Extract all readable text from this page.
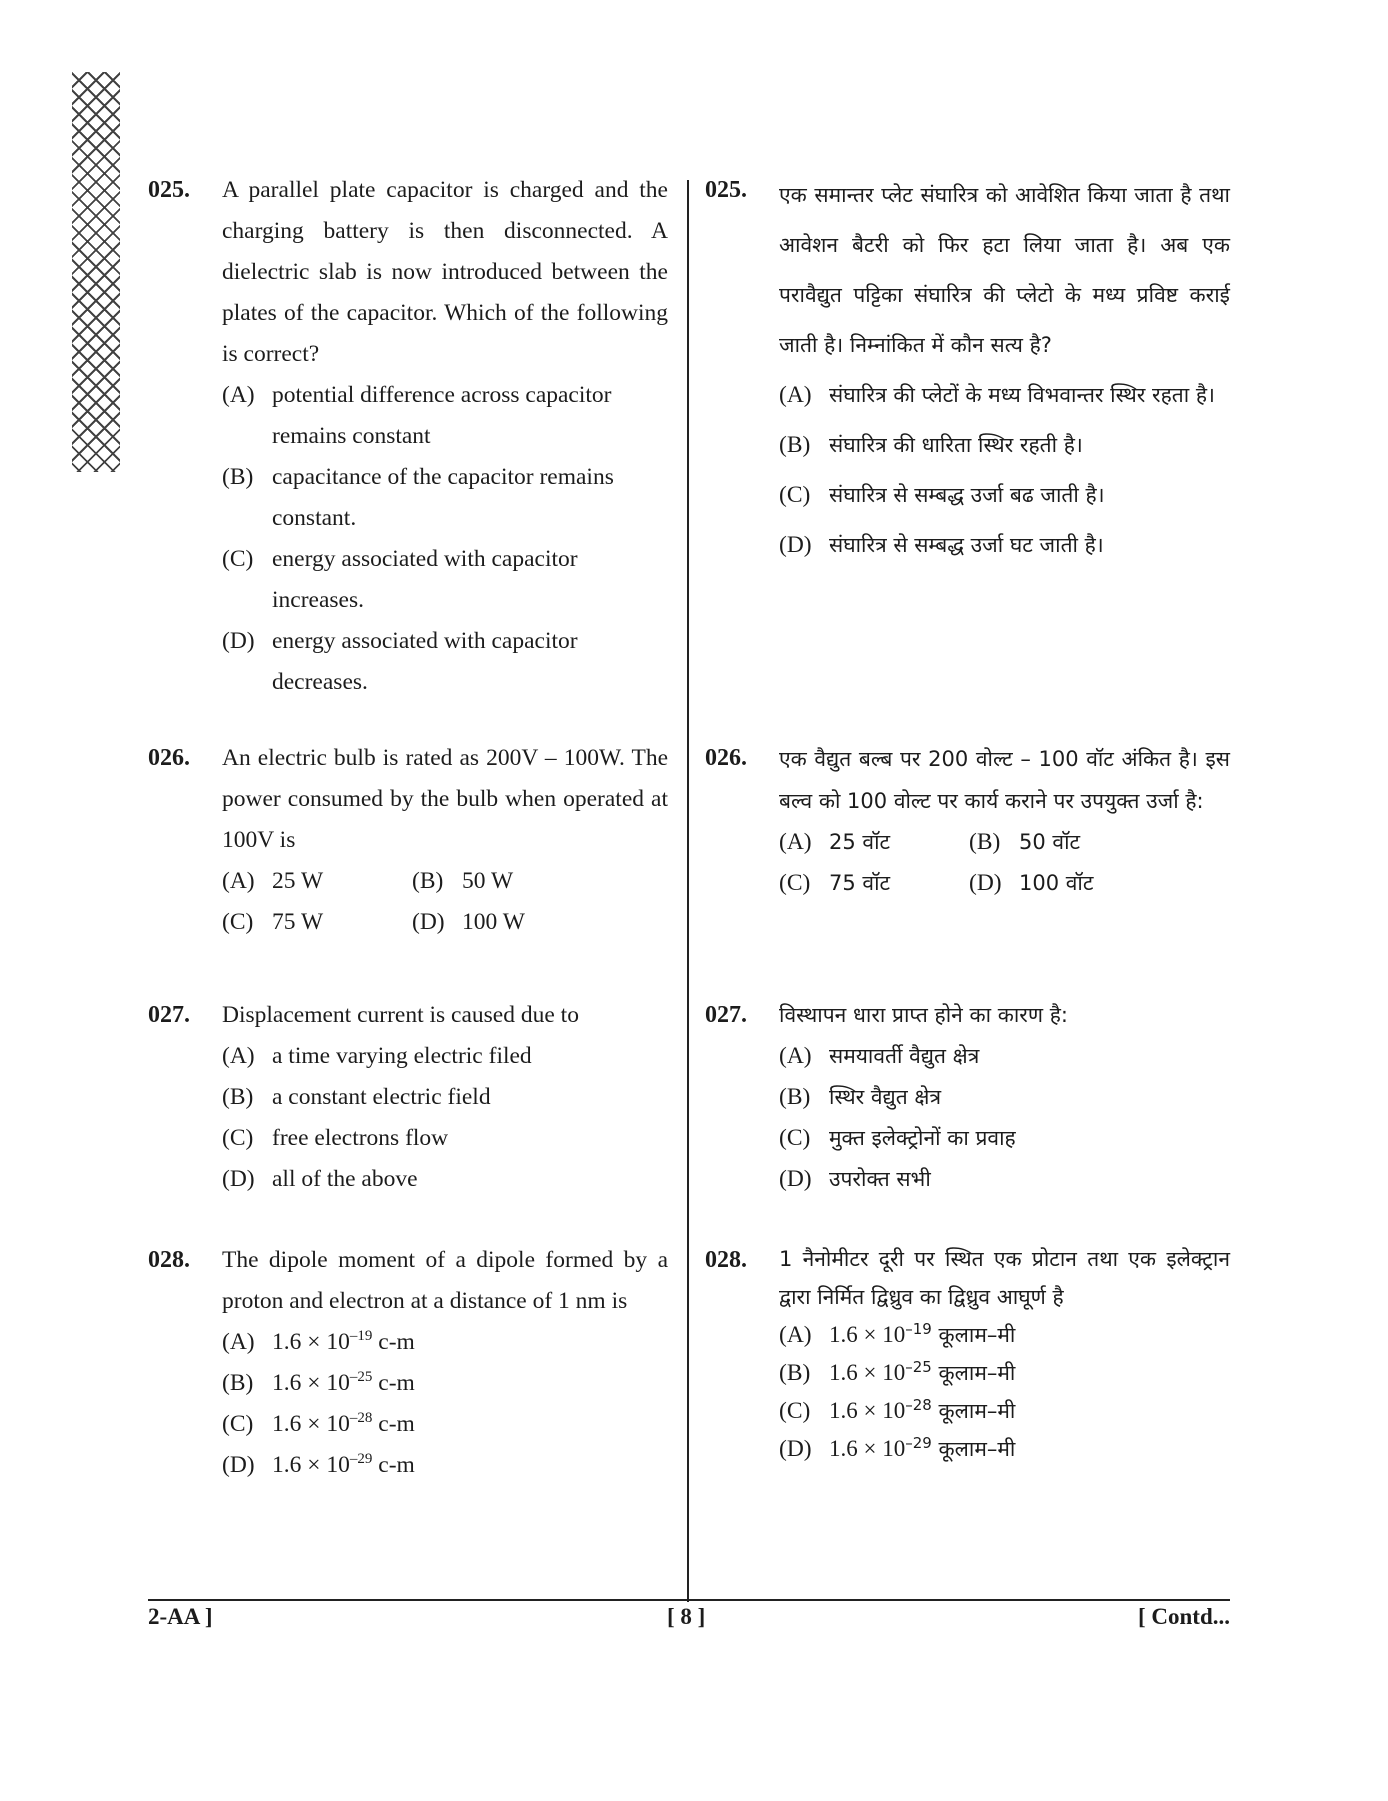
025.	A parallel plate capacitor is charged and the charging battery is then disconnected. A dielectric slab is now introduced between the plates of the capacitor. Which of the following is correct?
(A) potential difference across capacitor remains constant
(B) capacitance of the capacitor remains constant.
(C) energy associated with capacitor increases.
(D) energy associated with capacitor decreases.
026.	An electric bulb is rated as 200V – 100W. The power consumed by the bulb when operated at 100V is
(A) 25 W	(B) 50 W
(C) 75 W	(D) 100 W
027.	Displacement current is caused due to
(A) a time varying electric filed
(B) a constant electric field
(C) free electrons flow
(D) all of the above
028.	The dipole moment of a dipole formed by a proton and electron at a distance of 1 nm is
(A) $1.6 \times 10^{-19}$ c-m
(B) $1.6 \times 10^{-25}$ c-m
(C) $1.6 \times 10^{-28}$ c-m
(D) $1.6 \times 10^{-29}$ c-m
025.	एक समान्तर प्लेट संघारित्र को आवेशित किया जाता है तथा आवेशन बैटरी को फिर हटा लिया जाता है। अब एक परावैद्युत पट्टिका संघारित्र की प्लेटो के मध्य प्रविष्ट कराई जाती है। निम्नांकित में कौन सत्य है?
(A) संघारित्र की प्लेटों के मध्य विभवान्तर स्थिर रहता है।
(B) संघारित्र की धारिता स्थिर रहती है।
(C) संघारित्र से सम्बद्ध उर्जा बढ जाती है।
(D) संघारित्र से सम्बद्ध उर्जा घट जाती है।
026.	एक वैद्युत बल्ब पर 200 वोल्ट – 100 वॉट अंकित है। इस बल्व को 100 वोल्ट पर कार्य कराने पर उपयुक्त उर्जा है:
(A) 25 वॉट	(B) 50 वॉट
(C) 75 वॉट	(D) 100 वॉट
027.	विस्थापन धारा प्राप्त होने का कारण है:
(A) समयावर्ती वैद्युत क्षेत्र
(B) स्थिर वैद्युत क्षेत्र
(C) मुक्त इलेक्ट्रोनों का प्रवाह
(D) उपरोक्त सभी
028.	1 नैनोमीटर दूरी पर स्थित एक प्रोटान तथा एक इलेक्ट्रान द्वारा निर्मित द्विध्रुव का द्विध्रुव आघूर्ण है
(A) $1.6 \times 10^{-19}$ कूलाम–मी
(B) $1.6 \times 10^{-25}$ कूलाम–मी
(C) $1.6 \times 10^{-28}$ कूलाम–मी
(D) $1.6 \times 10^{-29}$ कूलाम–मी
2-AA ]	[ 8 ]	[ Contd...
